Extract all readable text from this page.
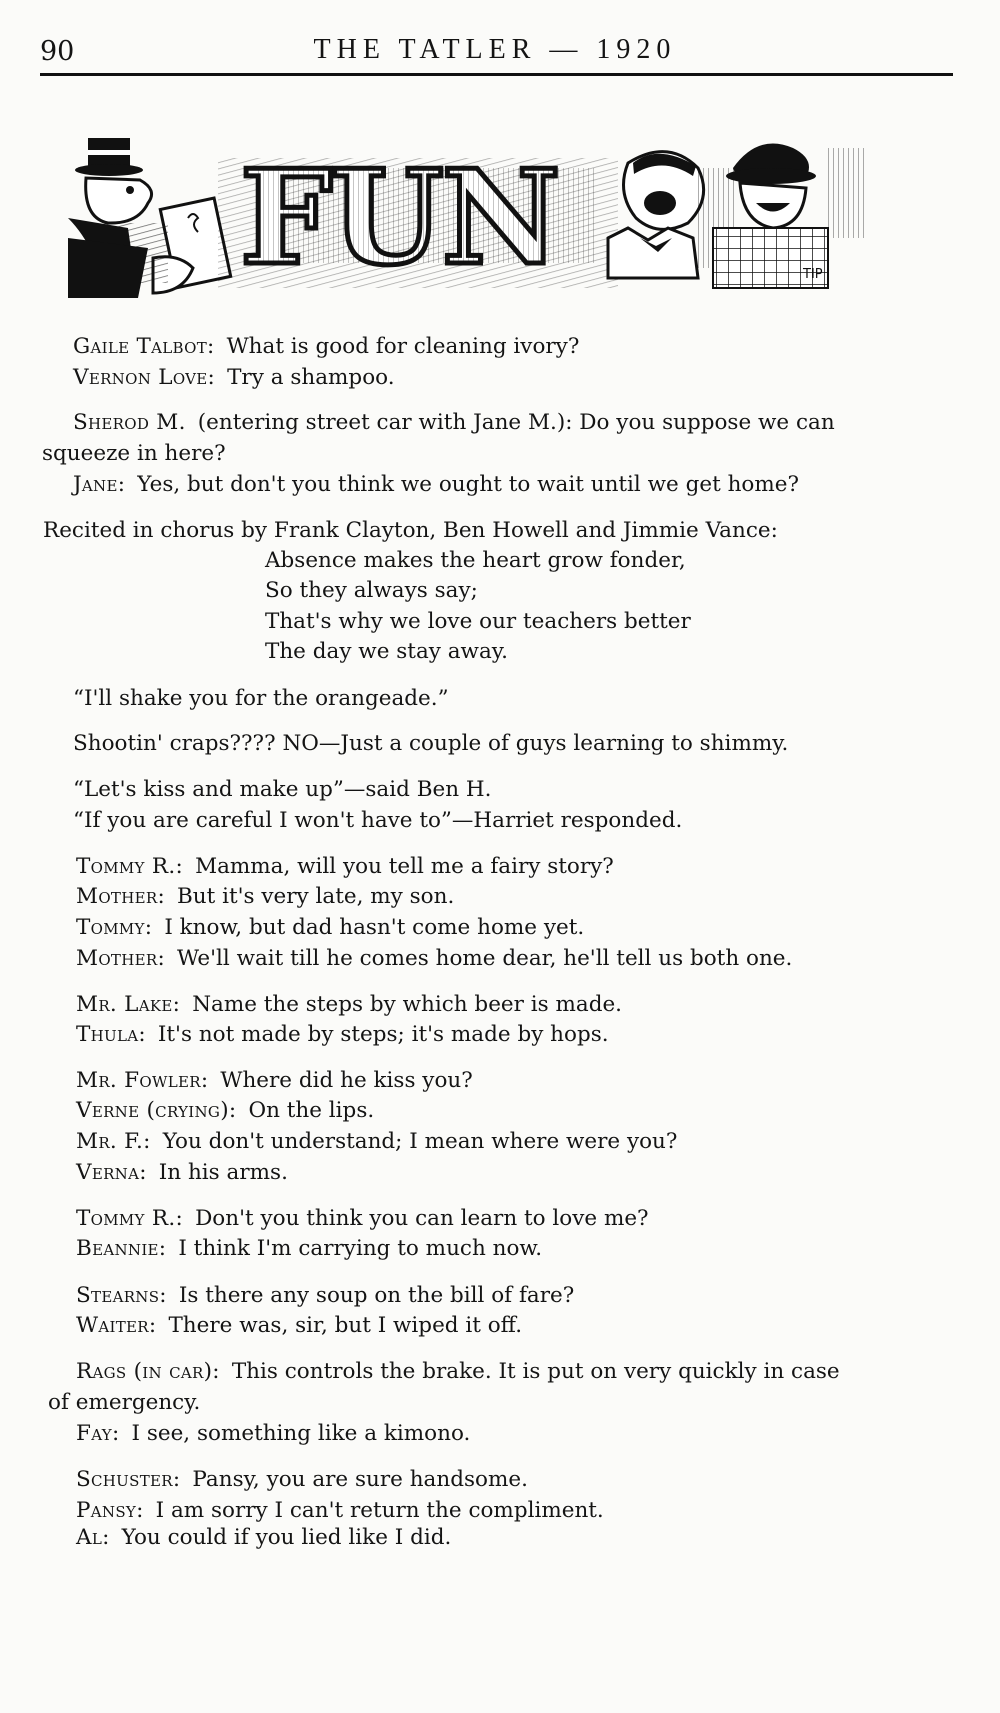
90	THE TATLER — 1920
FUN	TIP
Gaile Talbot: What is good for cleaning ivory?
Vernon Love: Try a shampoo.
Sherod M. (entering street car with Jane M.): Do you suppose we can
squeeze in here?
Jane: Yes, but don't you think we ought to wait until we get home?
Recited in chorus by Frank Clayton, Ben Howell and Jimmie Vance:
“I'll shake you for the orangeade.”
Shootin' craps???? NO—Just a couple of guys learning to shimmy.
“Let's kiss and make up”—said Ben H.
“If you are careful I won't have to”—Harriet responded.
Tommy R.: Mamma, will you tell me a fairy story?
Mother: But it's very late, my son.
Tommy: I know, but dad hasn't come home yet.
Mother: We'll wait till he comes home dear, he'll tell us both one.
Mr. Lake: Name the steps by which beer is made.
Thula: It's not made by steps; it's made by hops.
Mr. Fowler: Where did he kiss you?
Verne (crying): On the lips.
Mr. F.: You don't understand; I mean where were you?
Verna: In his arms.
Tommy R.: Don't you think you can learn to love me?
Beannie: I think I'm carrying to much now.
Stearns: Is there any soup on the bill of fare?
Waiter: There was, sir, but I wiped it off.
Rags (in car): This controls the brake. It is put on very quickly in case
of emergency.
Fay: I see, something like a kimono.
Schuster: Pansy, you are sure handsome.
Pansy: I am sorry I can't return the compliment.
Al: You could if you lied like I did.
Absence makes the heart grow fonder,
So they always say;
That's why we love our teachers better
The day we stay away.
